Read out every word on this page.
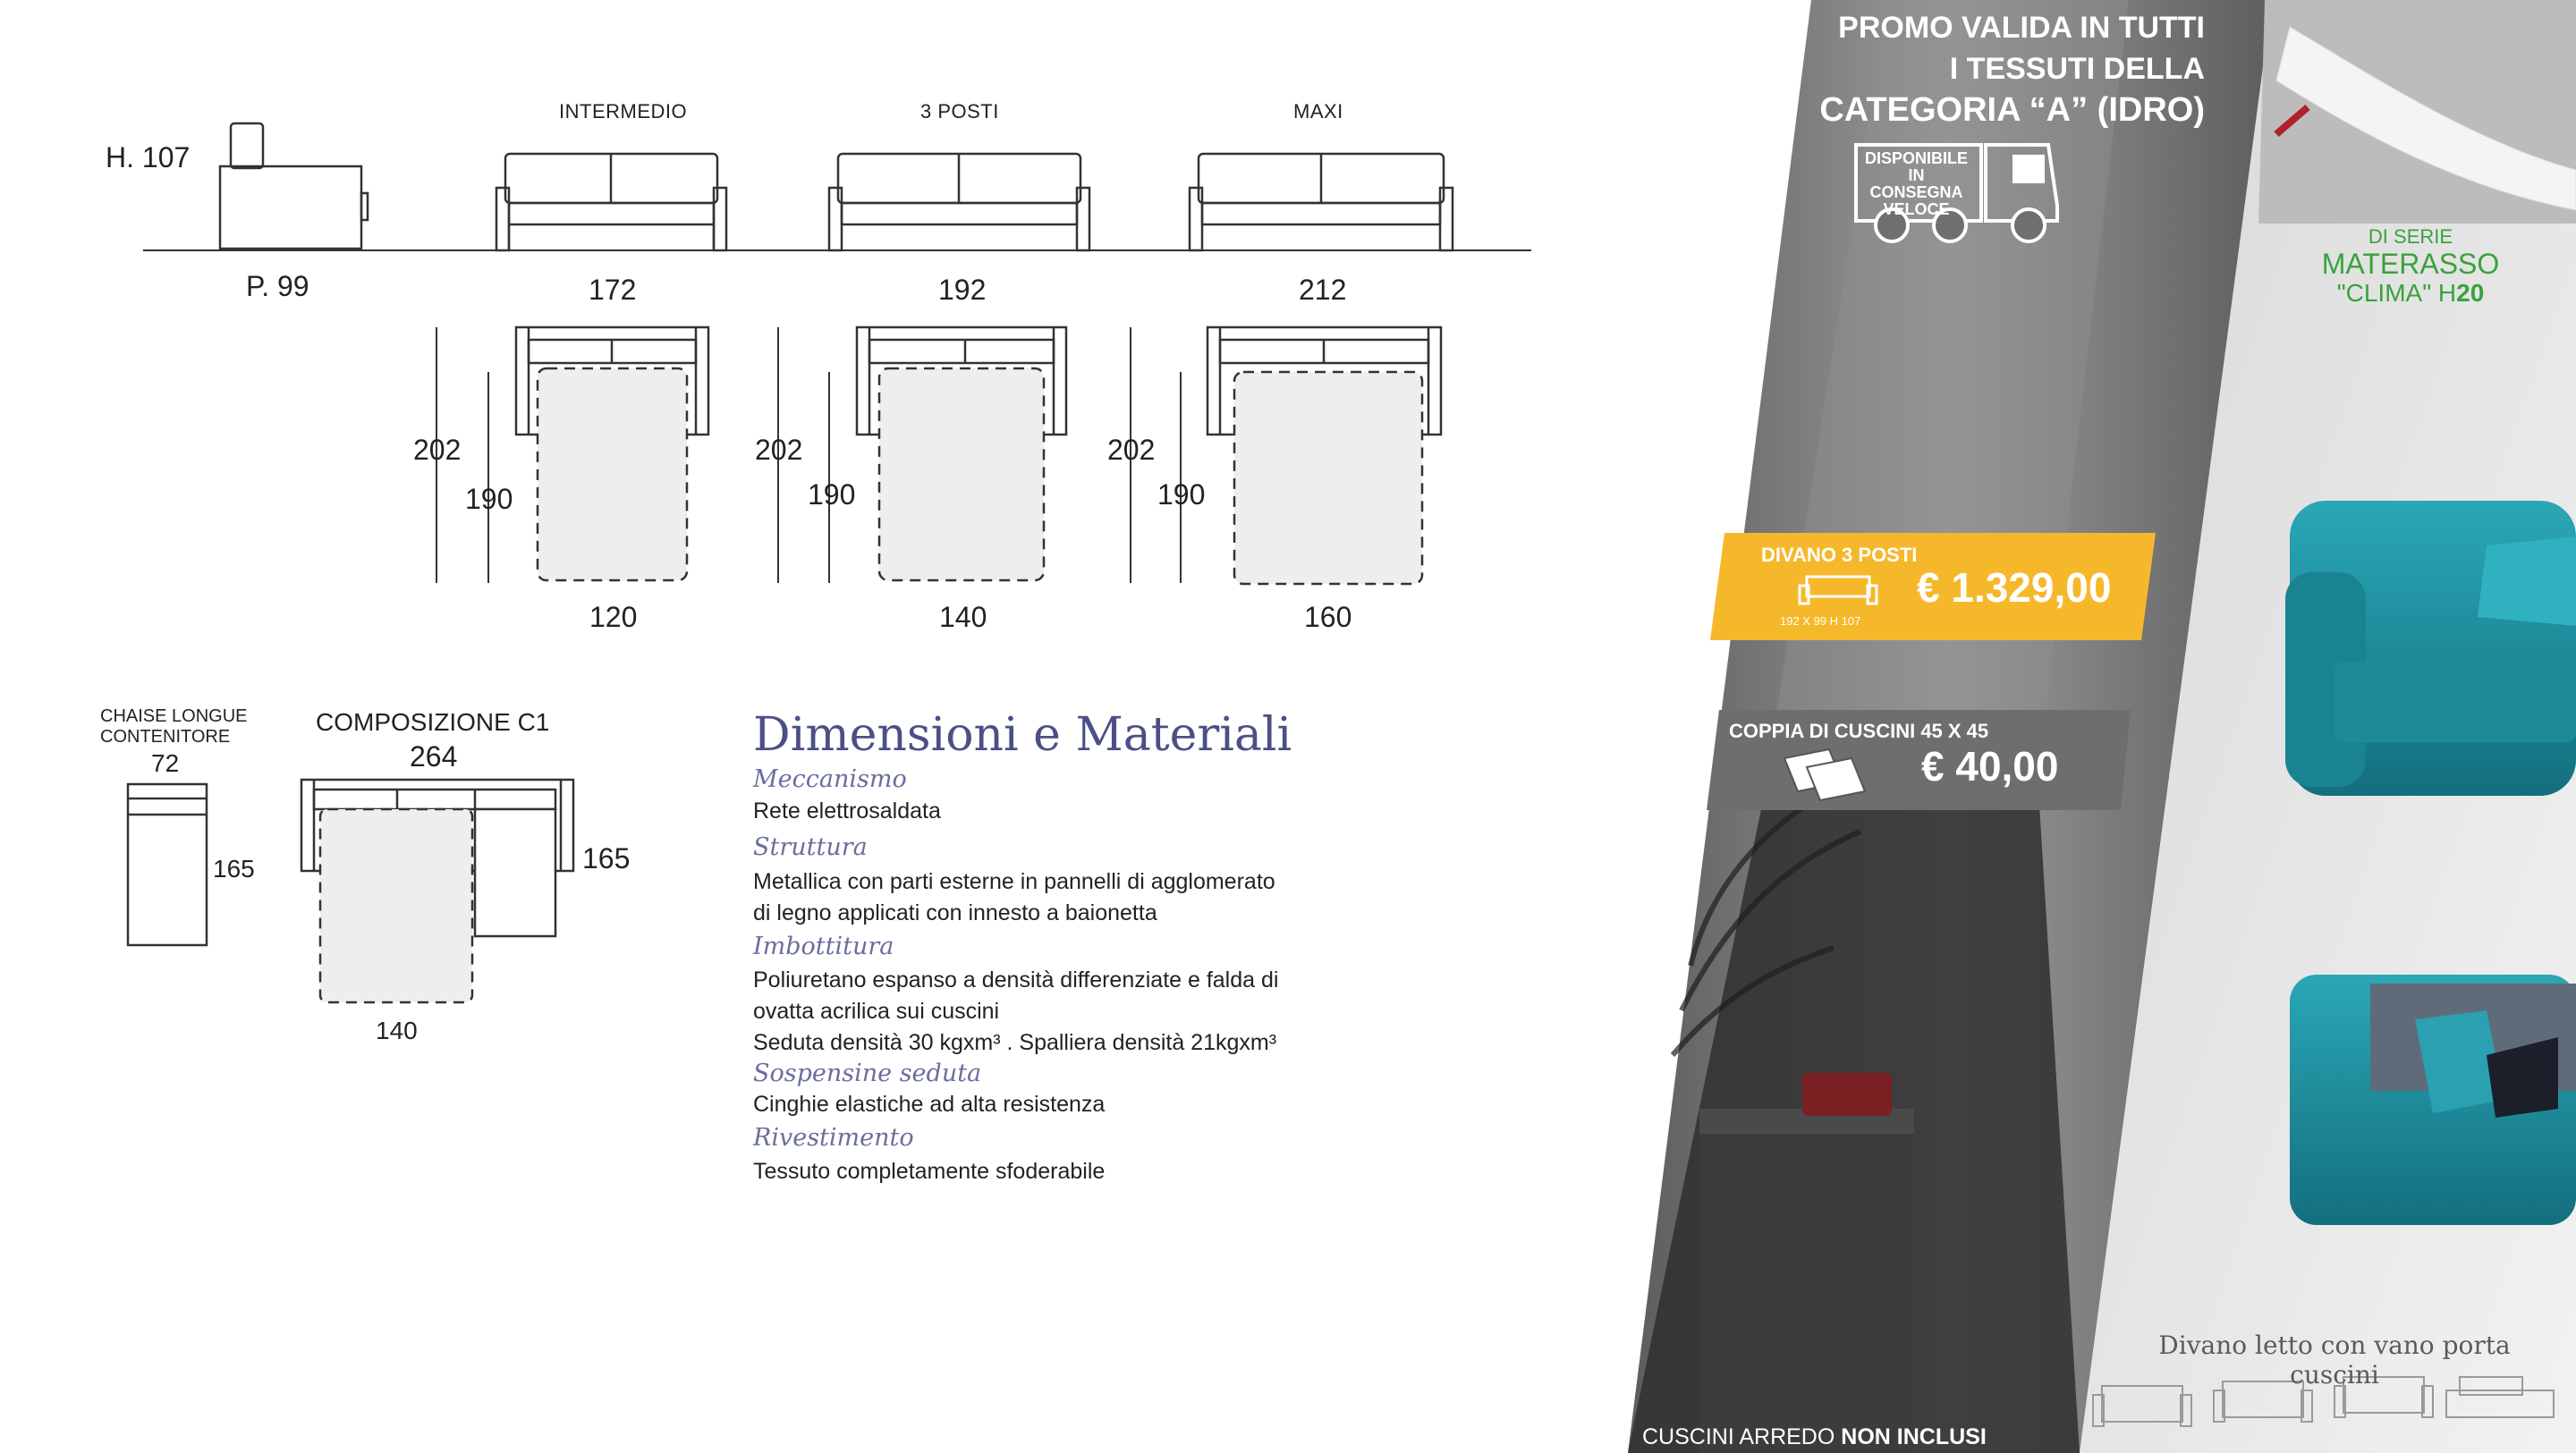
H. 107
P. 99
INTERMEDIO	3 POSTI	MAXI
172	192	212
202
190
202
190
202
190
120	140	160
CHAISE LONGUE CONTENITORE
72
165
COMPOSIZIONE C1
264
165
140
Dimensioni e Materiali
Meccanismo
Rete elettrosaldata
Struttura
Metallica con parti esterne in pannelli di agglomerato
di legno applicati con innesto a baionetta
Imbottitura
Poliuretano espanso a densità differenziate e falda di
ovatta acrilica sui cuscini
Seduta densità 30 kgxm³ . Spalliera densità 21kgxm³
Sospensine seduta
Cinghie elastiche ad alta resistenza
Rivestimento
Tessuto completamente sfoderabile
PROMO VALIDA IN TUTTI
I TESSUTI DELLA
CATEGORIA “A” (IDRO)
DISPONIBILE IN
CONSEGNA
VELOCE
DI SERIE
MATERASSO
"CLIMA" H20
DIVANO 3 POSTI
192 X 99 H 107
€ 1.329,00
COPPIA DI CUSCINI 45 X 45
€ 40,00
CUSCINI ARREDO NON INCLUSI
Divano letto con vano porta cuscini
